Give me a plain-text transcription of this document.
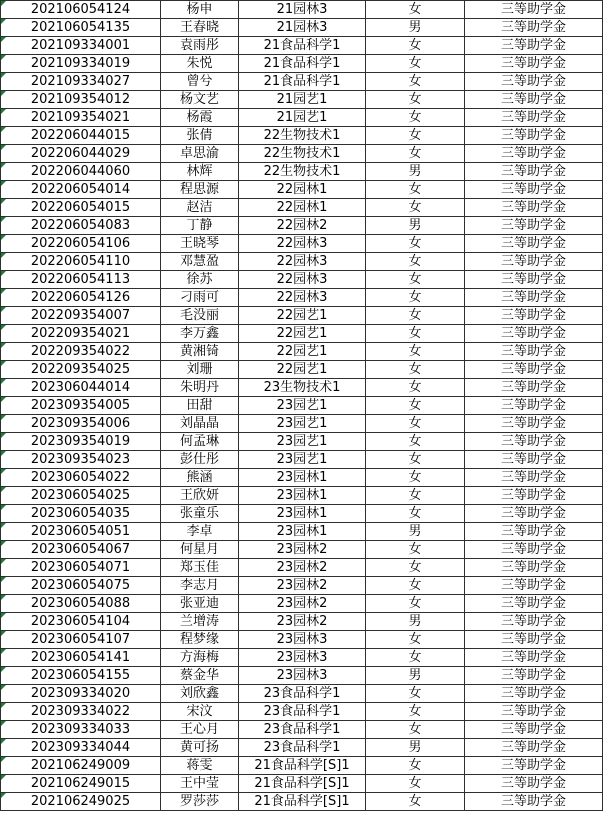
202106054124	杨申	21园林3	女	三等助学金
202106054135	王春晓	21园林3	男	三等助学金
202109334001	袁雨彤	21食品科学1	女	三等助学金
202109334019	朱悦	21食品科学1	女	三等助学金
202109334027	曾兮	21食品科学1	女	三等助学金
202109354012	杨文艺	21园艺1	女	三等助学金
202109354021	杨霞	21园艺1	女	三等助学金
202206044015	张倩	22生物技术1	女	三等助学金
202206044029	卓思渝	22生物技术1	女	三等助学金
202206044060	林辉	22生物技术1	男	三等助学金
202206054014	程思源	22园林1	女	三等助学金
202206054015	赵洁	22园林1	女	三等助学金
202206054083	丁静	22园林2	男	三等助学金
202206054106	王晓琴	22园林3	女	三等助学金
202206054110	邓慧盈	22园林3	女	三等助学金
202206054113	徐苏	22园林3	女	三等助学金
202206054126	刁雨可	22园林3	女	三等助学金
202209354007	毛没丽	22园艺1	女	三等助学金
202209354021	李万鑫	22园艺1	女	三等助学金
202209354022	黄湘锜	22园艺1	女	三等助学金
202209354025	刘珊	22园艺1	女	三等助学金
202306044014	朱明丹	23生物技术1	女	三等助学金
202309354005	田甜	23园艺1	女	三等助学金
202309354006	刘晶晶	23园艺1	女	三等助学金
202309354019	何孟琳	23园艺1	女	三等助学金
202309354023	彭仕彤	23园艺1	女	三等助学金
202306054022	熊涵	23园林1	女	三等助学金
202306054025	王欣妍	23园林1	女	三等助学金
202306054035	张童乐	23园林1	女	三等助学金
202306054051	李卓	23园林1	男	三等助学金
202306054067	何星月	23园林2	女	三等助学金
202306054071	郑玉佳	23园林2	女	三等助学金
202306054075	李志月	23园林2	女	三等助学金
202306054088	张亚迪	23园林2	女	三等助学金
202306054104	兰增涛	23园林2	男	三等助学金
202306054107	程梦缘	23园林3	女	三等助学金
202306054141	方海梅	23园林3	女	三等助学金
202306054155	蔡金华	23园林3	男	三等助学金
202309334020	刘欣鑫	23食品科学1	女	三等助学金
202309334022	宋汶	23食品科学1	女	三等助学金
202309334033	王心月	23食品科学1	女	三等助学金
202309334044	黄可扬	23食品科学1	男	三等助学金
202106249009	蒋雯	21食品科学[S]1	女	三等助学金
202106249015	王中莹	21食品科学[S]1	女	三等助学金
202106249025	罗莎莎	21食品科学[S]1	女	三等助学金
